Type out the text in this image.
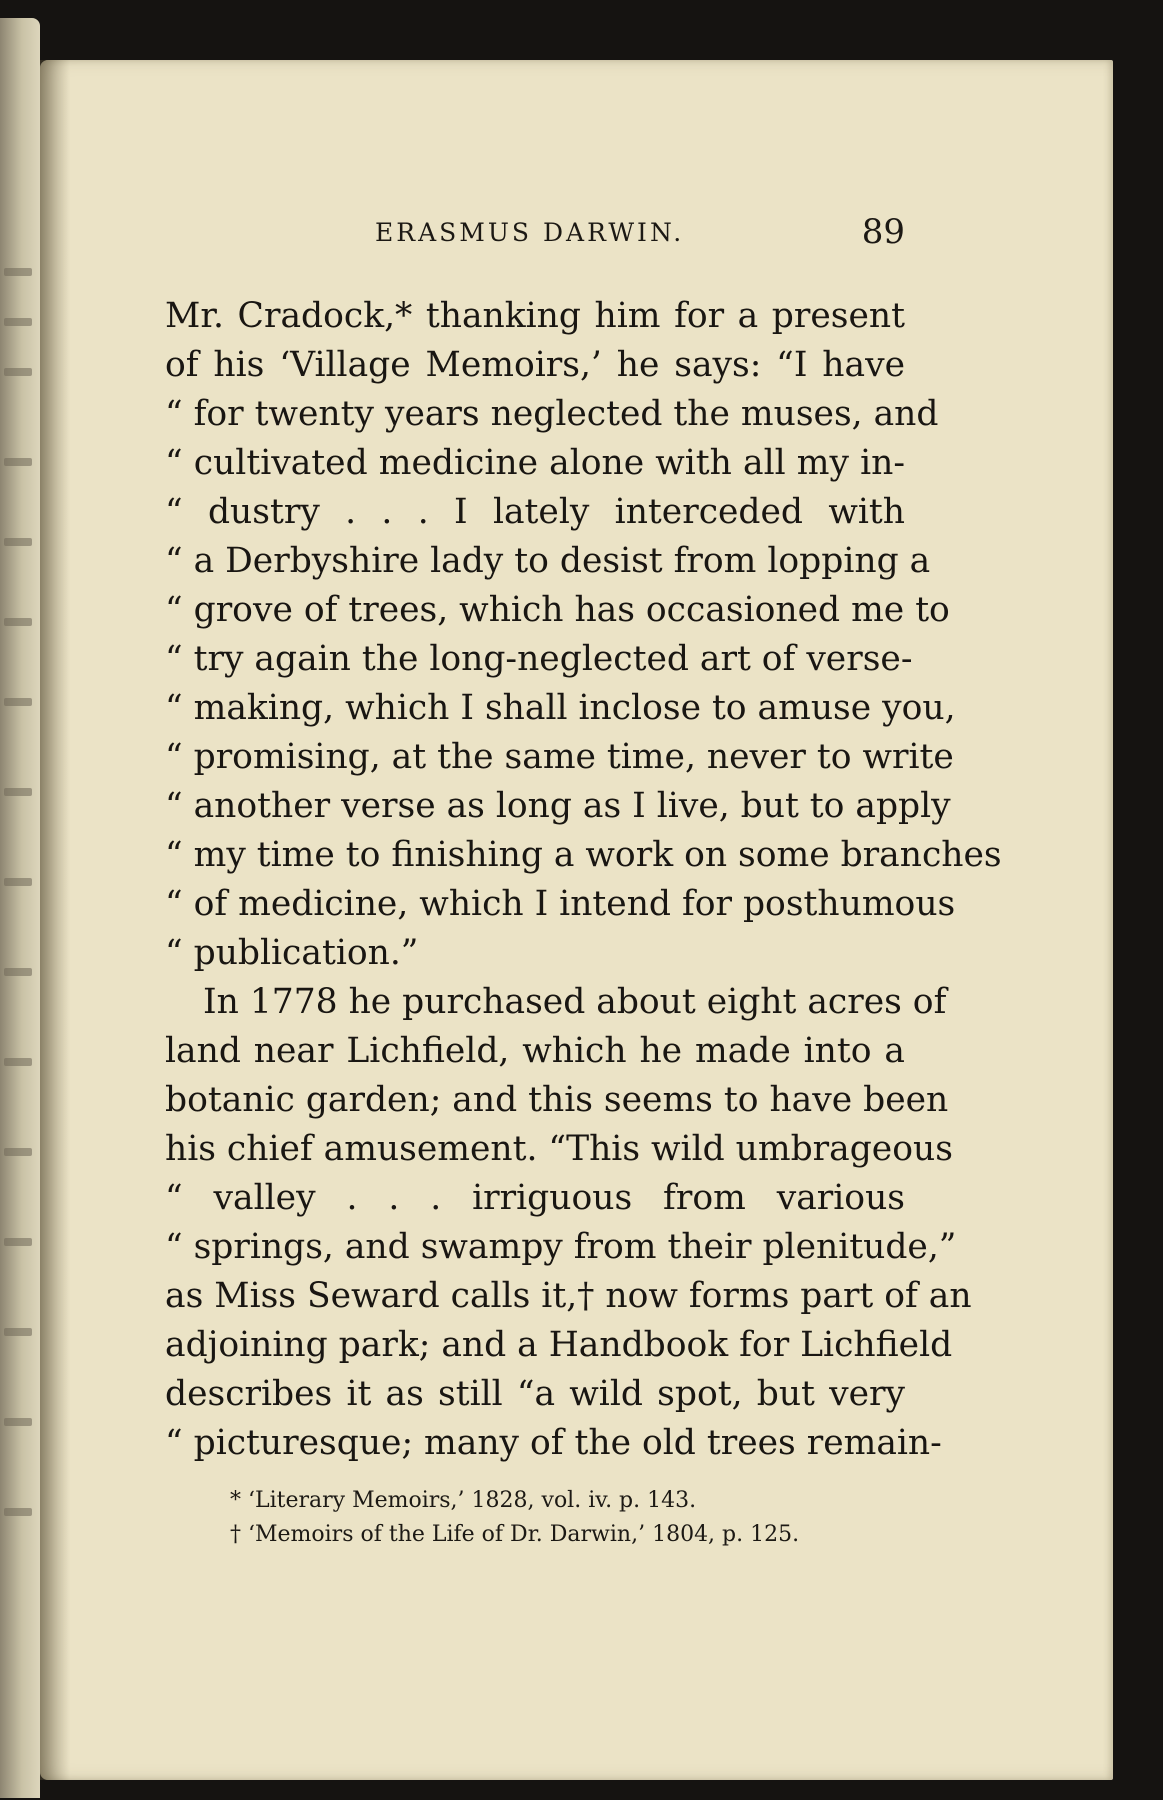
ERASMUS DARWIN.	89
Mr. Cradock,* thanking him for a present
of his ‘Village Memoirs,’ he says: “I have
“ for twenty years neglected the muses, and
“ cultivated medicine alone with all my in-
“ dustry . . . I lately interceded with
“ a Derbyshire lady to desist from lopping a
“ grove of trees, which has occasioned me to
“ try again the long-neglected art of verse-
“ making, which I shall inclose to amuse you,
“ promising, at the same time, never to write
“ another verse as long as I live, but to apply
“ my time to finishing a work on some branches
“ of medicine, which I intend for posthumous
“ publication.”
In 1778 he purchased about eight acres of
land near Lichfield, which he made into a
botanic garden; and this seems to have been
his chief amusement. “This wild umbrageous
“ valley . . . irriguous from various
“ springs, and swampy from their plenitude,”
as Miss Seward calls it,† now forms part of an
adjoining park; and a Handbook for Lichfield
describes it as still “a wild spot, but very
“ picturesque; many of the old trees remain-
* ‘Literary Memoirs,’ 1828, vol. iv. p. 143.
† ‘Memoirs of the Life of Dr. Darwin,’ 1804, p. 125.
